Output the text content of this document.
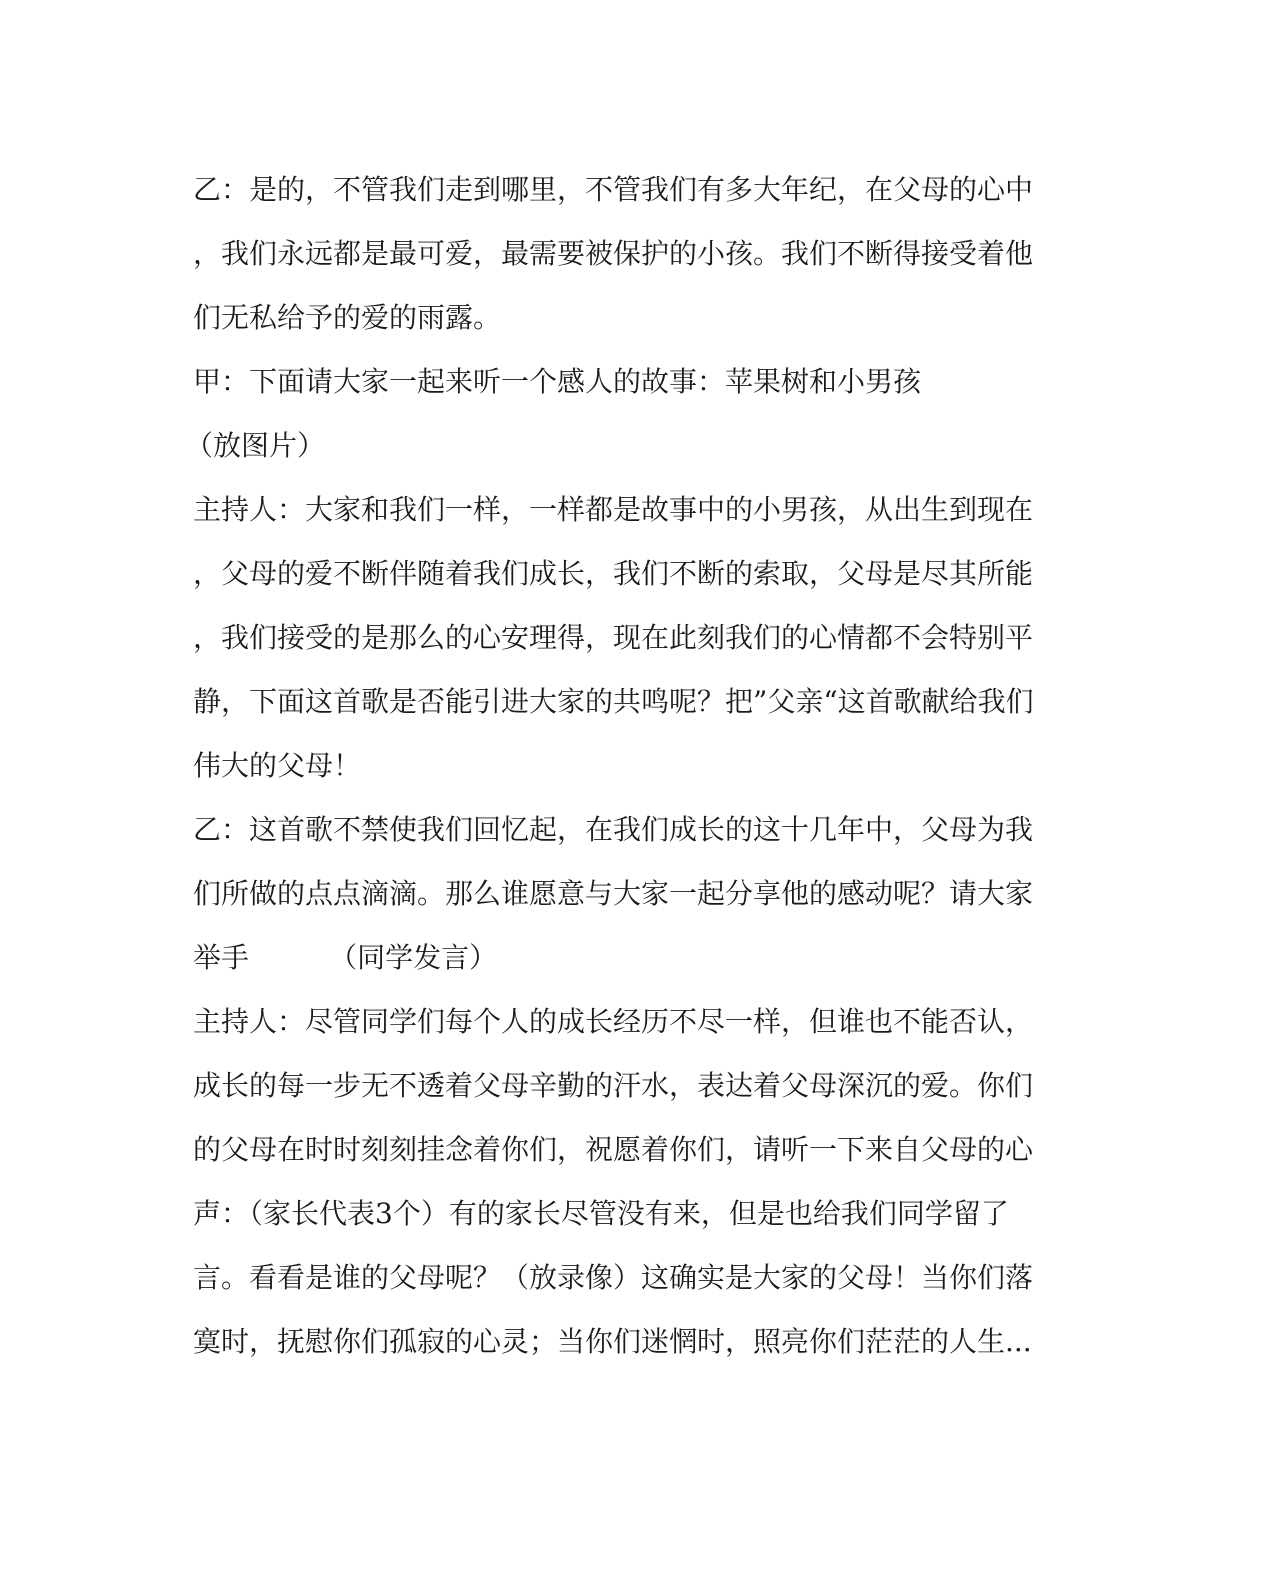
乙：是的，不管我们走到哪里，不管我们有多大年纪，在父母的心中
，我们永远都是最可爱，最需要被保护的小孩。我们不断得接受着他
们无私给予的爱的雨露。
甲：下面请大家一起来听一个感人的故事：苹果树和小男孩
（放图片）
主持人：大家和我们一样，一样都是故事中的小男孩，从出生到现在
，父母的爱不断伴随着我们成长，我们不断的索取，父母是尽其所能
，我们接受的是那么的心安理得，现在此刻我们的心情都不会特别平
静，下面这首歌是否能引进大家的共鸣呢？把”父亲“这首歌献给我们
伟大的父母！
乙：这首歌不禁使我们回忆起，在我们成长的这十几年中，父母为我
们所做的点点滴滴。那么谁愿意与大家一起分享他的感动呢？请大家
举手         （同学发言）
主持人：尽管同学们每个人的成长经历不尽一样，但谁也不能否认，
成长的每一步无不透着父母辛勤的汗水，表达着父母深沉的爱。你们
的父母在时时刻刻挂念着你们，祝愿着你们，请听一下来自父母的心
声：（家长代表3个）有的家长尽管没有来，但是也给我们同学留了
言。看看是谁的父母呢？（放录像）这确实是大家的父母！当你们落
寞时，抚慰你们孤寂的心灵；当你们迷惘时，照亮你们茫茫的人生...
